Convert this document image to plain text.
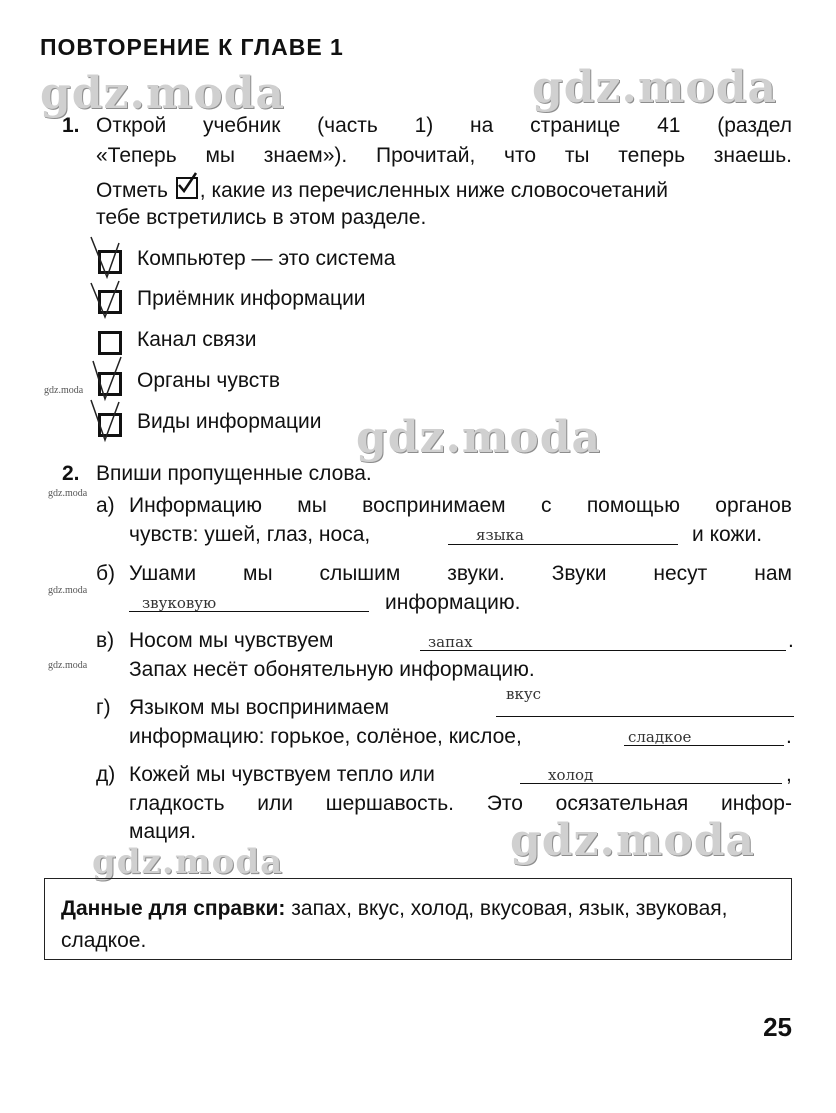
ПОВТОРЕНИЕ К ГЛАВЕ 1
gdz.moda	gdz.moda
gdz.moda
gdz.moda
gdz.moda
gdz.moda
gdz.moda
gdz.moda
gdz.moda
1. Открой учебник (часть 1) на странице 41 (раздел
«Теперь мы знаем»). Прочитай, что ты теперь знаешь.
Отметь , какие из перечисленных ниже словосочетаний
тебе встретились в этом разделе.
Компьютер — это система
Приёмник информации
Канал связи
Органы чувств
Виды информации
2. Впиши пропущенные слова.
а) Информацию мы воспринимаем с помощью органов
чувств: ушей, глаз, носа,	языка	и кожи.
б) Ушами мы слышим звуки. Звуки несут нам
звуковую	информацию.
в) Носом мы чувствуем	запах	.
Запах несёт обонятельную информацию.
г) Языком мы воспринимаем
вкус
информацию: горькое, солёное, кислое,	сладкое	.
д) Кожей мы чувствуем тепло или	холод	,
гладкость или шершавость. Это осязательная инфор-
мация.
Данные для справки: запах, вкус, холод, вкусовая, язык, звуковая, сладкое.
25
